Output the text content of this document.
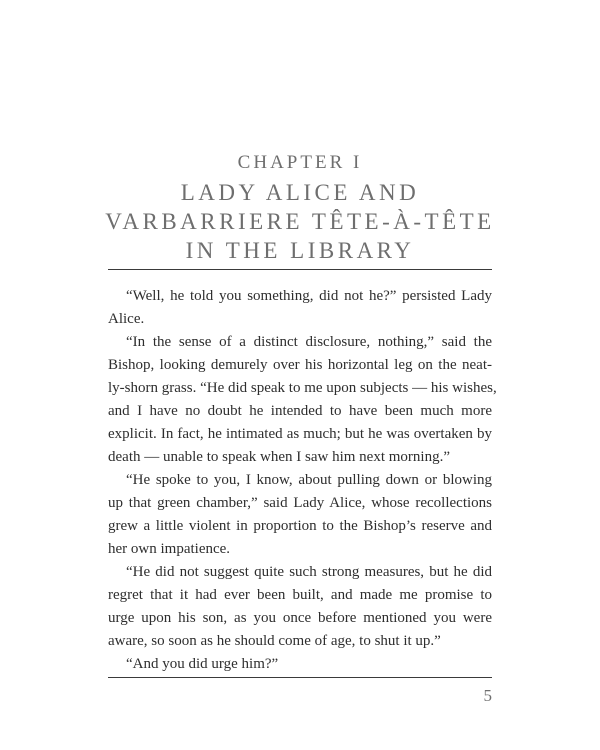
CHAPTER I
LADY ALICE AND
VARBARRIERE TÊTE-À-TÊTE
IN THE LIBRARY
“Well, he told you something, did not he?” persisted Lady
Alice.
“In the sense of a distinct disclosure, nothing,” said the
Bishop, looking demurely over his horizontal leg on the neat-
ly-shorn grass. “He did speak to me upon subjects — his wishes,
and I have no doubt he intended to have been much more
explicit. In fact, he intimated as much; but he was overtaken by
death — unable to speak when I saw him next morning.”
“He spoke to you, I know, about pulling down or blowing
up that green chamber,” said Lady Alice, whose recollections
grew a little violent in proportion to the Bishop’s reserve and
her own impatience.
“He did not suggest quite such strong measures, but he did
regret that it had ever been built, and made me promise to
urge upon his son, as you once before mentioned you were
aware, so soon as he should come of age, to shut it up.”
“And you did urge him?”
5
